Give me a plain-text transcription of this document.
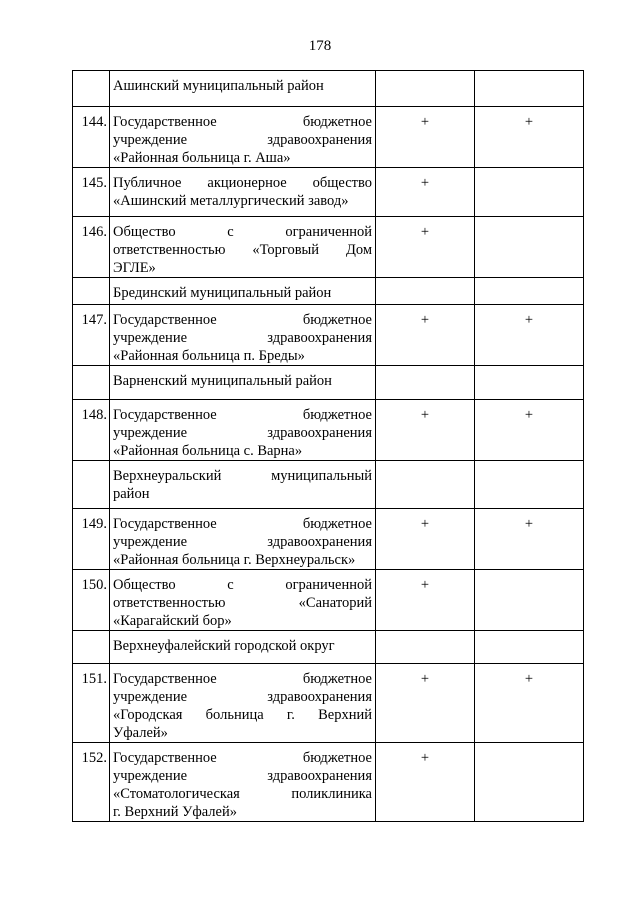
178

	Ашинский муниципальный район		

144.	Государственное бюджетное
учреждение здравоохранения
«Районная больница г. Аша»	+	+
145.	Публичное акционерное общество
«Ашинский металлургический завод»	+	
146.	Общество с ограниченной
ответственностью «Торговый Дом
ЭГЛЕ»	+	

	Брединский муниципальный район		

147.	Государственное бюджетное
учреждение здравоохранения
«Районная больница п. Бреды»	+	+

	Варненский муниципальный район		

148.	Государственное бюджетное
учреждение здравоохранения
«Районная больница с. Варна»	+	+

	Верхнеуральский муниципальный
район		

149.	Государственное бюджетное
учреждение здравоохранения
«Районная больница г. Верхнеуральск»	+	+
150.	Общество с ограниченной
ответственностью «Санаторий
«Карагайский бор»	+	

	Верхнеуфалейский городской округ		

151.	Государственное бюджетное
учреждение здравоохранения
«Городская больница г. Верхний
Уфалей»	+	+
152.	Государственное бюджетное
учреждение здравоохранения
«Стоматологическая поликлиника
г. Верхний Уфалей»	+	
